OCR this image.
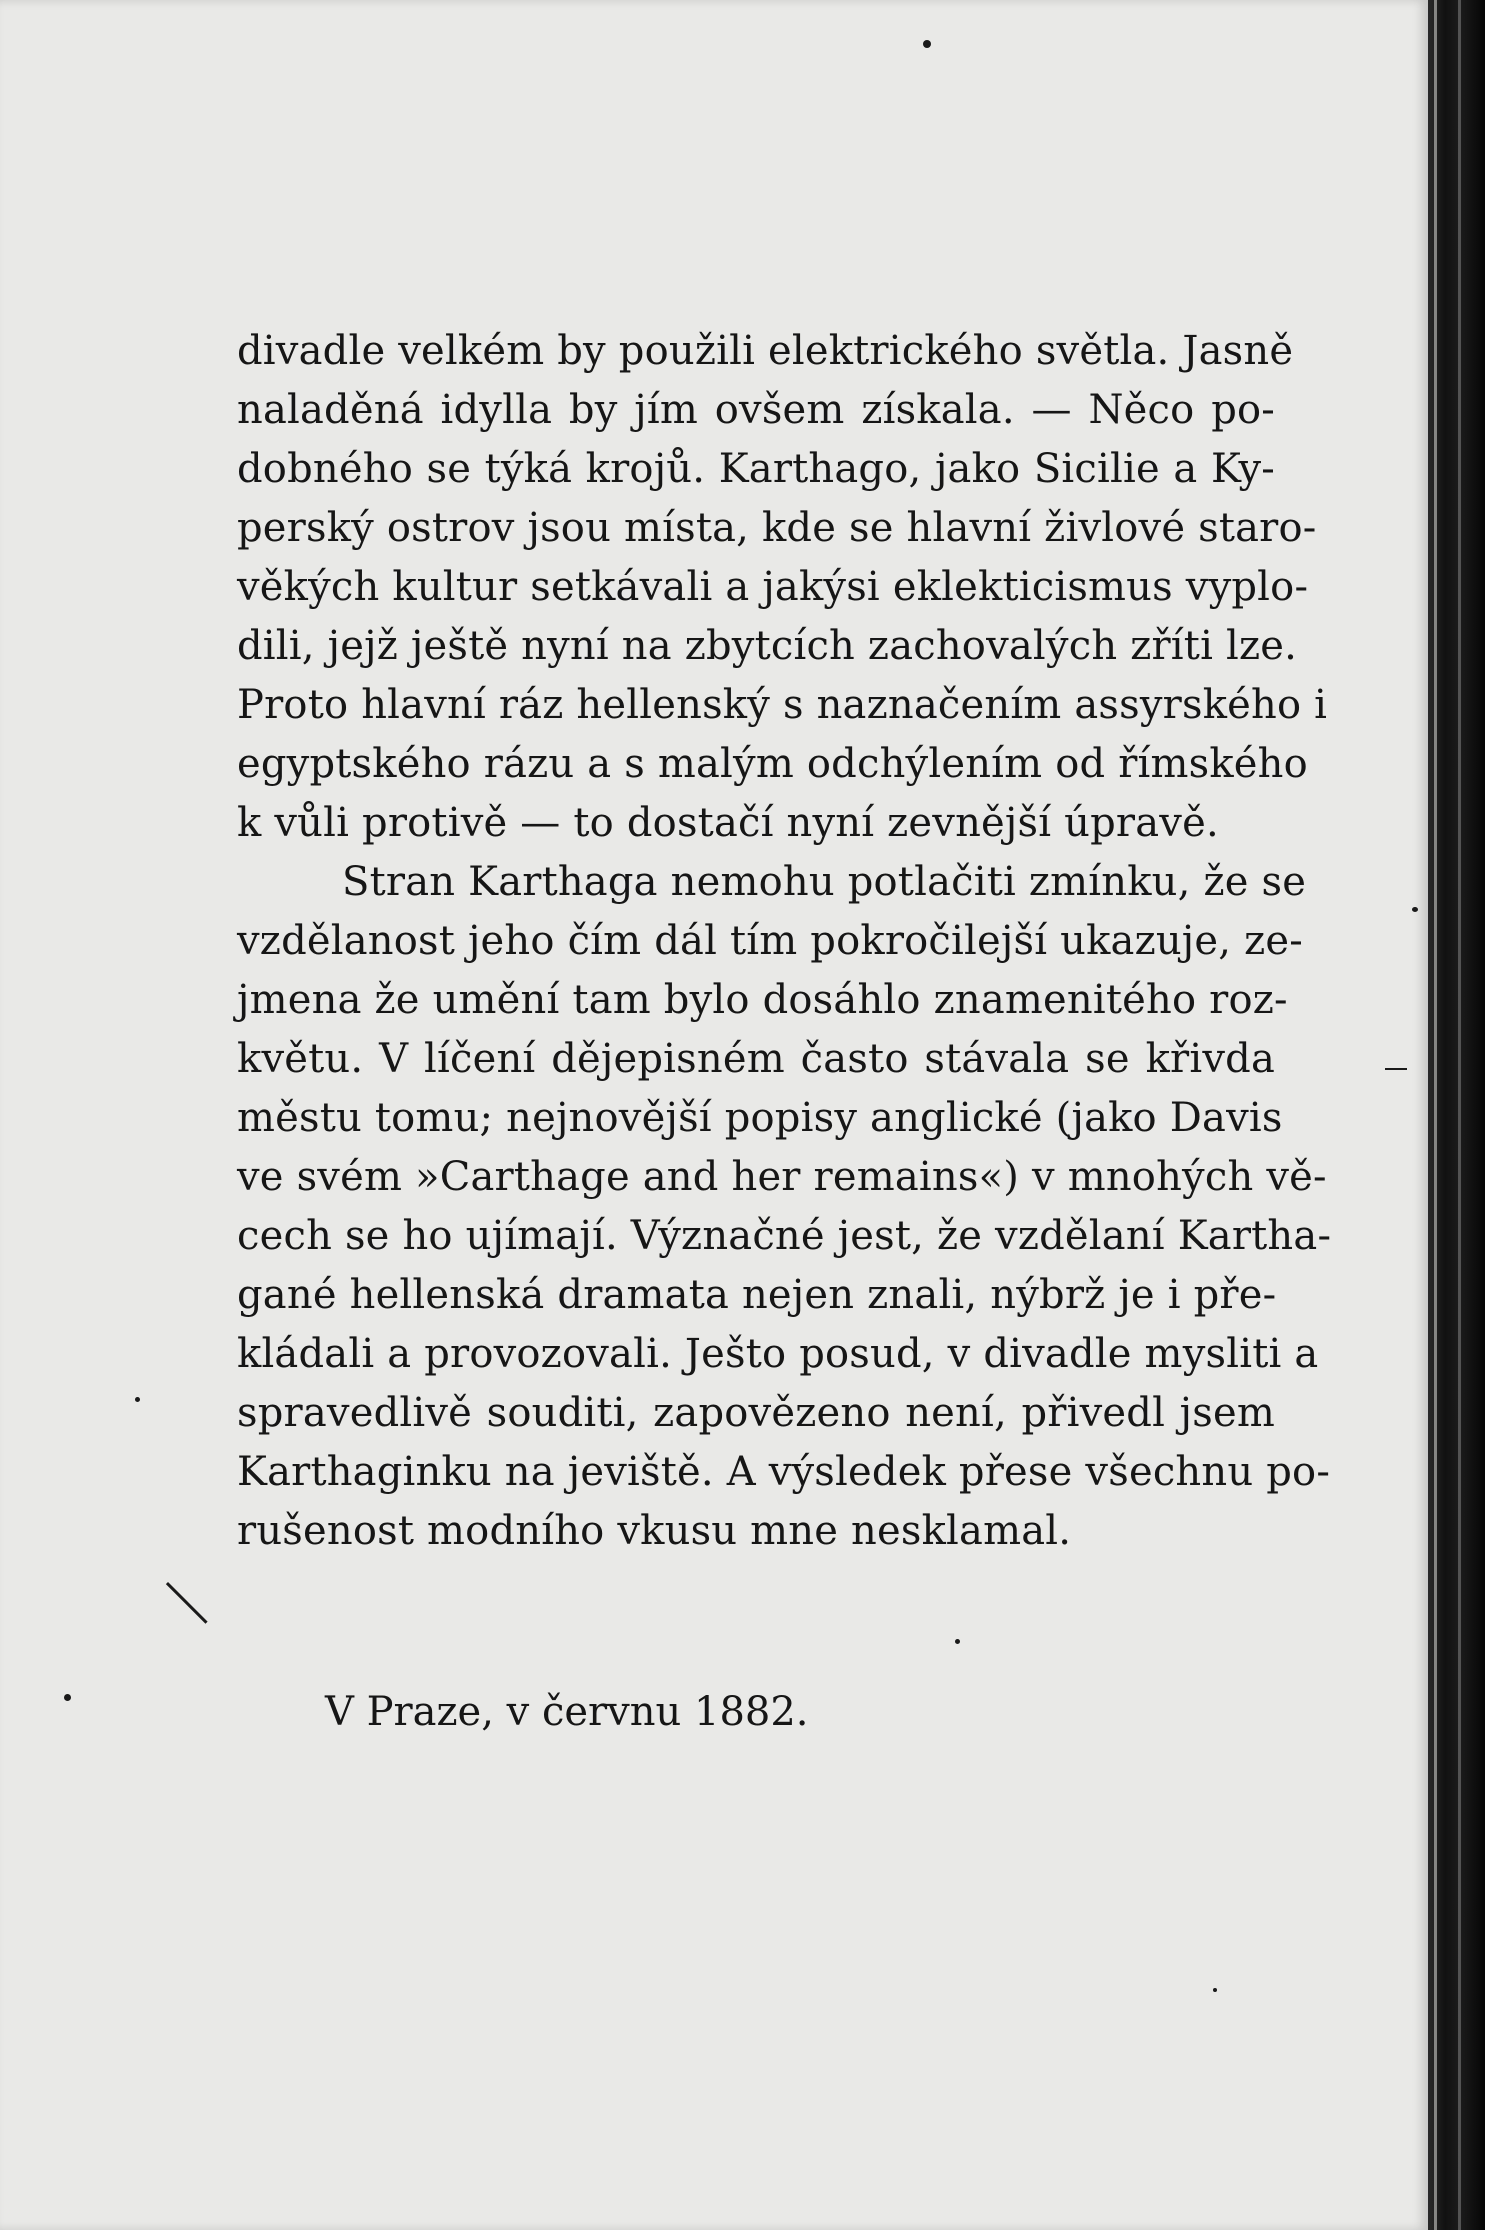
divadle velkém by použili elektrického světla. Jasně
naladěná idylla by jím ovšem získala. — Něco po-
dobného se týká krojů. Karthago, jako Sicilie a Ky-
perský ostrov jsou místa, kde se hlavní živlové staro-
věkých kultur setkávali a jakýsi eklekticismus vyplo-
dili, jejž ještě nyní na zbytcích zachovalých zříti lze.
Proto hlavní ráz hellenský s naznačením assyrského i
egyptského rázu a s malým odchýlením od římského
k vůli protivě — to dostačí nyní zevnější úpravě.
Stran Karthaga nemohu potlačiti zmínku, že se
vzdělanost jeho čím dál tím pokročilejší ukazuje, ze-
jmena že umění tam bylo dosáhlo znamenitého roz-
květu. V líčení dějepisném často stávala se křivda
městu tomu; nejnovější popisy anglické (jako Davis
ve svém »Carthage and her remains«) v mnohých vě-
cech se ho ujímají. Význačné jest, že vzdělaní Kartha-
gané hellenská dramata nejen znali, nýbrž je i pře-
kládali a provozovali. Ješto posud, v divadle mysliti a
spravedlivě souditi, zapovězeno není, přivedl jsem
Karthaginku na jeviště. A výsledek přese všechnu po-
rušenost modního vkusu mne nesklamal.
V Praze, v červnu 1882.
